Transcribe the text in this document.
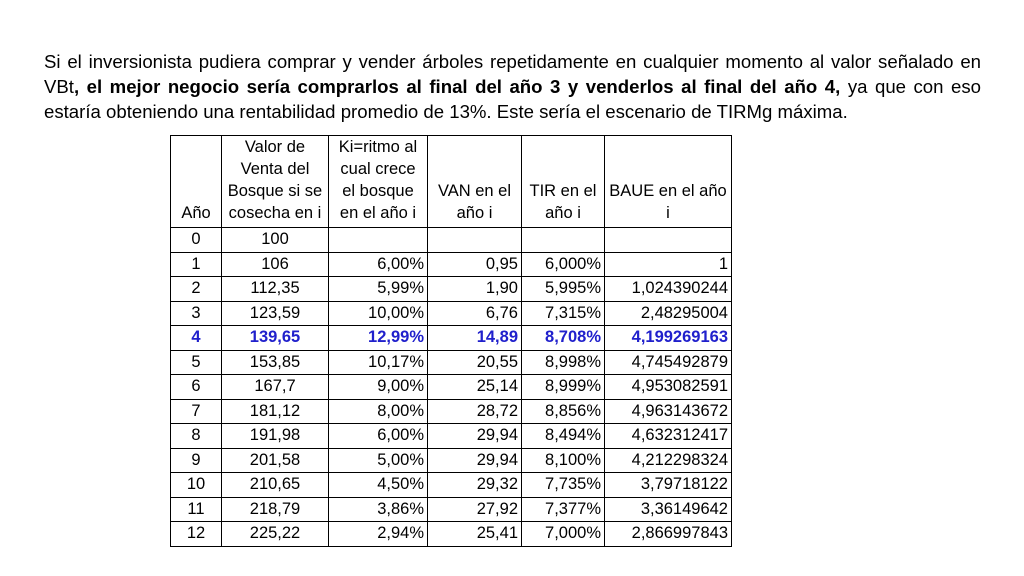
Si el inversionista pudiera comprar y vender árboles repetidamente en cualquier momento al valor señalado en VBt, el mejor negocio sería comprarlos al final del año 3 y venderlos al final del año 4, ya que con eso estaría obteniendo una rentabilidad promedio de 13%. Este sería el escenario de TIRMg máxima.

Año	Valor de Venta del Bosque si se cosecha en i	Ki=ritmo al cual crece el bosque en el año i	VAN en el año i	TIR en el año i	BAUE en el año i
0	100				
1	106	6,00%	0,95	6,000%	1
2	112,35	5,99%	1,90	5,995%	1,024390244
3	123,59	10,00%	6,76	7,315%	2,48295004
4	139,65	12,99%	14,89	8,708%	4,199269163
5	153,85	10,17%	20,55	8,998%	4,745492879
6	167,7	9,00%	25,14	8,999%	4,953082591
7	181,12	8,00%	28,72	8,856%	4,963143672
8	191,98	6,00%	29,94	8,494%	4,632312417
9	201,58	5,00%	29,94	8,100%	4,212298324
10	210,65	4,50%	29,32	7,735%	3,79718122
11	218,79	3,86%	27,92	7,377%	3,36149642
12	225,22	2,94%	25,41	7,000%	2,866997843
